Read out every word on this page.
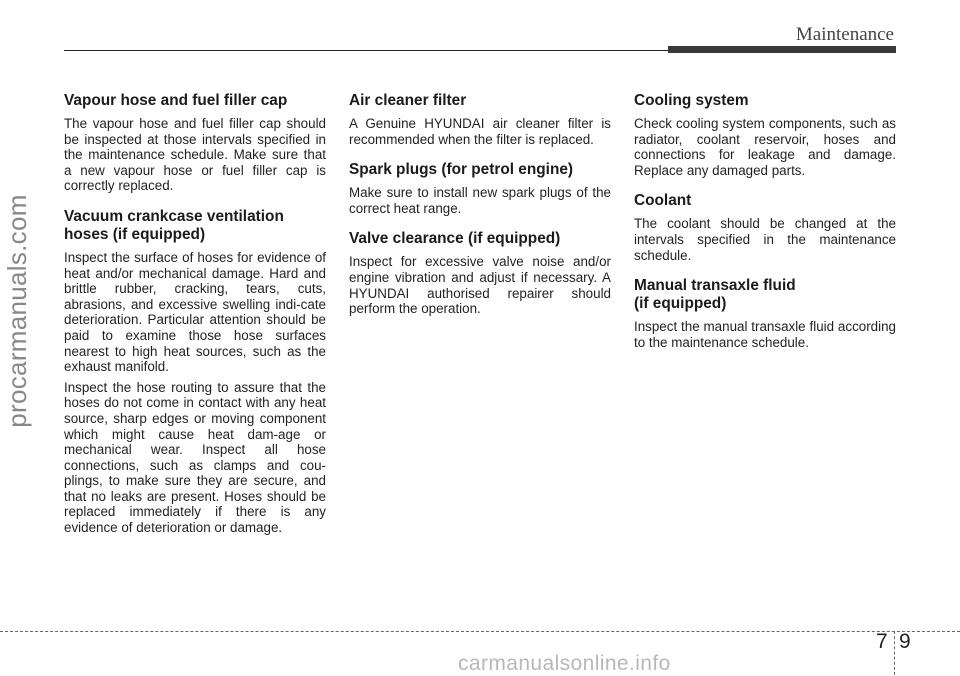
Maintenance
procarmanuals.com
Vapour hose and fuel filler cap

The vapour hose and fuel filler cap should be inspected at those intervals specified in the maintenance schedule. Make sure that a new vapour hose or fuel filler cap is correctly replaced.

Vacuum crankcase ventilation
hoses (if equipped)

Inspect the surface of hoses for evidence of heat and/or mechanical damage. Hard and brittle rubber, cracking, tears, cuts, abrasions, and excessive swelling indi-cate deterioration. Particular attention should be paid to examine those hose surfaces nearest to high heat sources, such as the exhaust manifold.

Inspect the hose routing to assure that the hoses do not come in contact with any heat source, sharp edges or moving component which might cause heat dam-age or mechanical wear. Inspect all hose connections, such as clamps and cou-plings, to make sure they are secure, and that no leaks are present. Hoses should be replaced immediately if there is any evidence of deterioration or damage.

Air cleaner filter

A Genuine HYUNDAI air cleaner filter is recommended when the filter is replaced.

Spark plugs (for petrol engine)

Make sure to install new spark plugs of the correct heat range.

Valve clearance (if equipped)

Inspect for excessive valve noise and/or engine vibration and adjust if necessary. A HYUNDAI authorised repairer should perform the operation.

Cooling system

Check cooling system components, such as radiator, coolant reservoir, hoses and connections for leakage and damage. Replace any damaged parts.

Coolant

The coolant should be changed at the intervals specified in the maintenance schedule.

Manual transaxle fluid
(if equipped)

Inspect the manual transaxle fluid according to the maintenance schedule.

7 9
carmanualsonline.info
